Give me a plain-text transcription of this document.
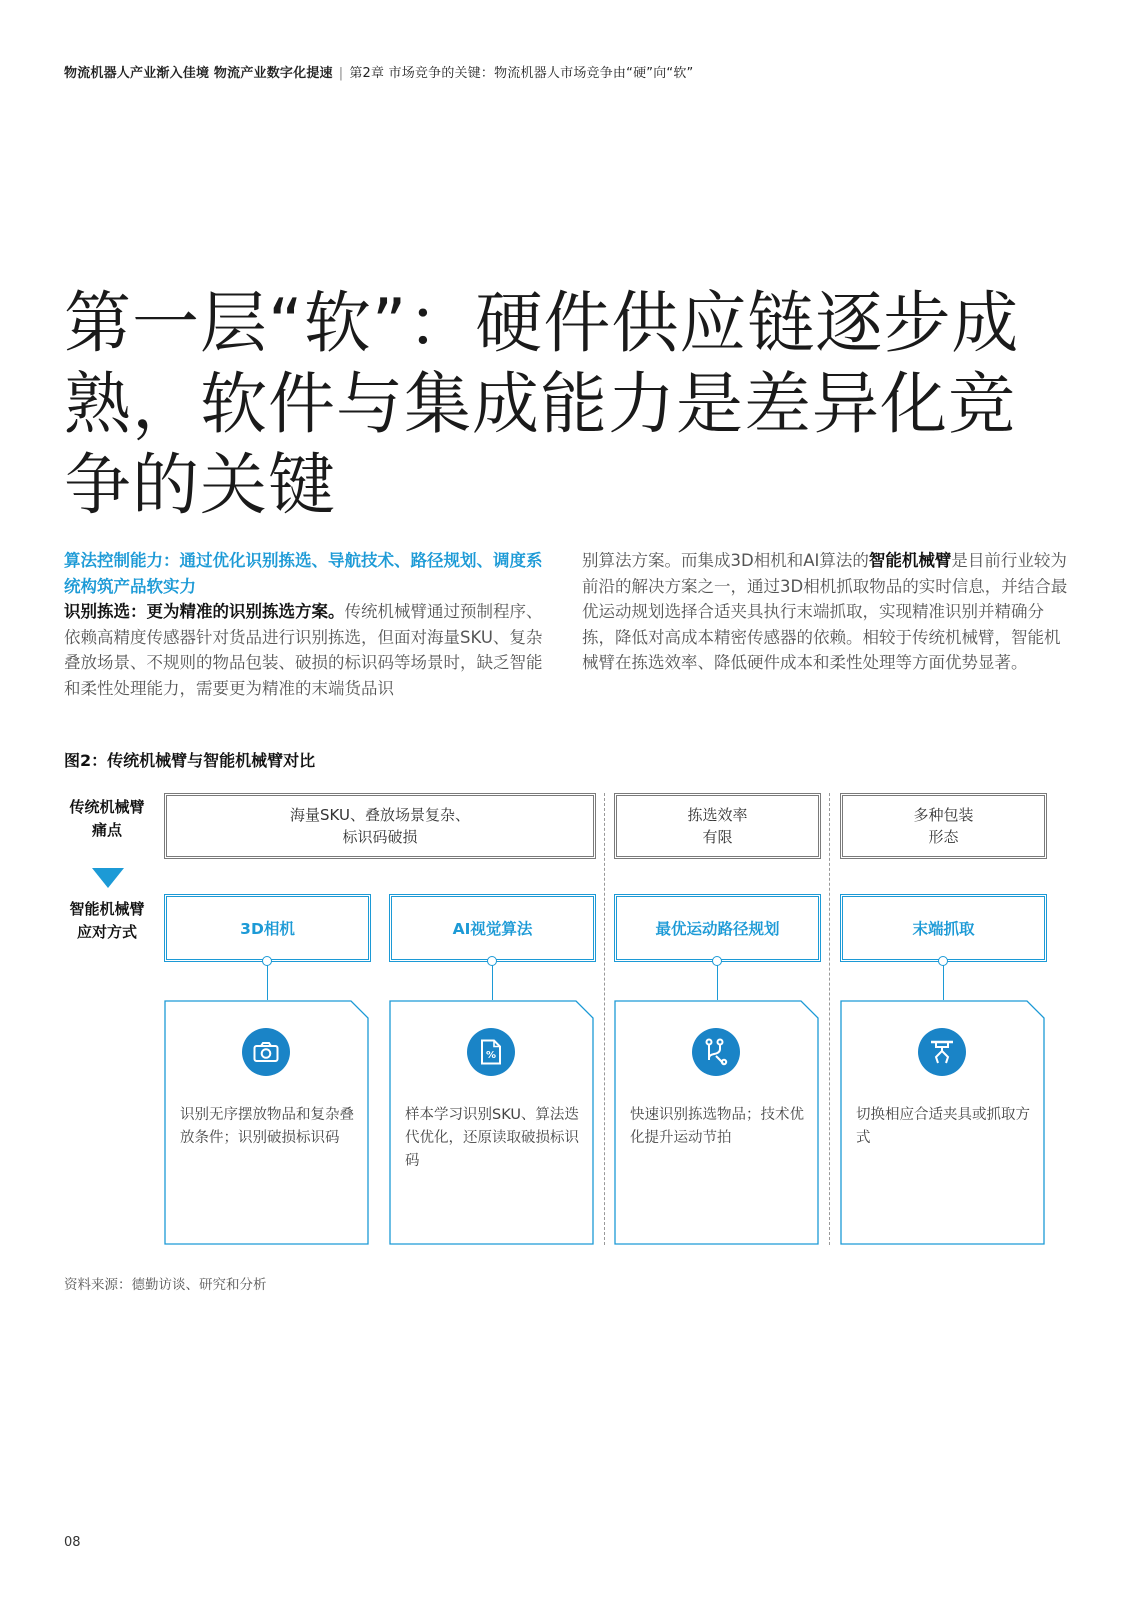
物流机器人产业渐入佳境 物流产业数字化提速 | 第2章 市场竞争的关键：物流机器人市场竞争由“硬”向“软”
第一层“软”：硬件供应链逐步成熟，软件与集成能力是差异化竞争的关键
算法控制能力：通过优化识别拣选、导航技术、路径规划、调度系统构筑产品软实力
识别拣选：更为精准的识别拣选方案。传统机械臂通过预制程序、依赖高精度传感器针对货品进行识别拣选，但面对海量SKU、复杂叠放场景、不规则的物品包装、破损的标识码等场景时，缺乏智能和柔性处理能力，需要更为精准的末端货品识
别算法方案。而集成3D相机和AI算法的智能机械臂是目前行业较为前沿的解决方案之一，通过3D相机抓取物品的实时信息，并结合最优运动规划选择合适夹具执行末端抓取，实现精准识别并精确分拣，降低对高成本精密传感器的依赖。相较于传统机械臂，智能机械臂在拣选效率、降低硬件成本和柔性处理等方面优势显著。
图2：传统机械臂与智能机械臂对比
传统机械臂
痛点
智能机械臂
应对方式
海量SKU、叠放场景复杂、
标识码破损
拣选效率
有限
多种包装
形态
3D相机	AI视觉算法	最优运动路径规划	末端抓取
识别无序摆放物品和复杂叠放条件；识别破损标识码
%
样本学习识别SKU、算法迭代优化，还原读取破损标识码
快速识别拣选物品；技术优化提升运动节拍
切换相应合适夹具或抓取方式
资料来源：德勤访谈、研究和分析
08
